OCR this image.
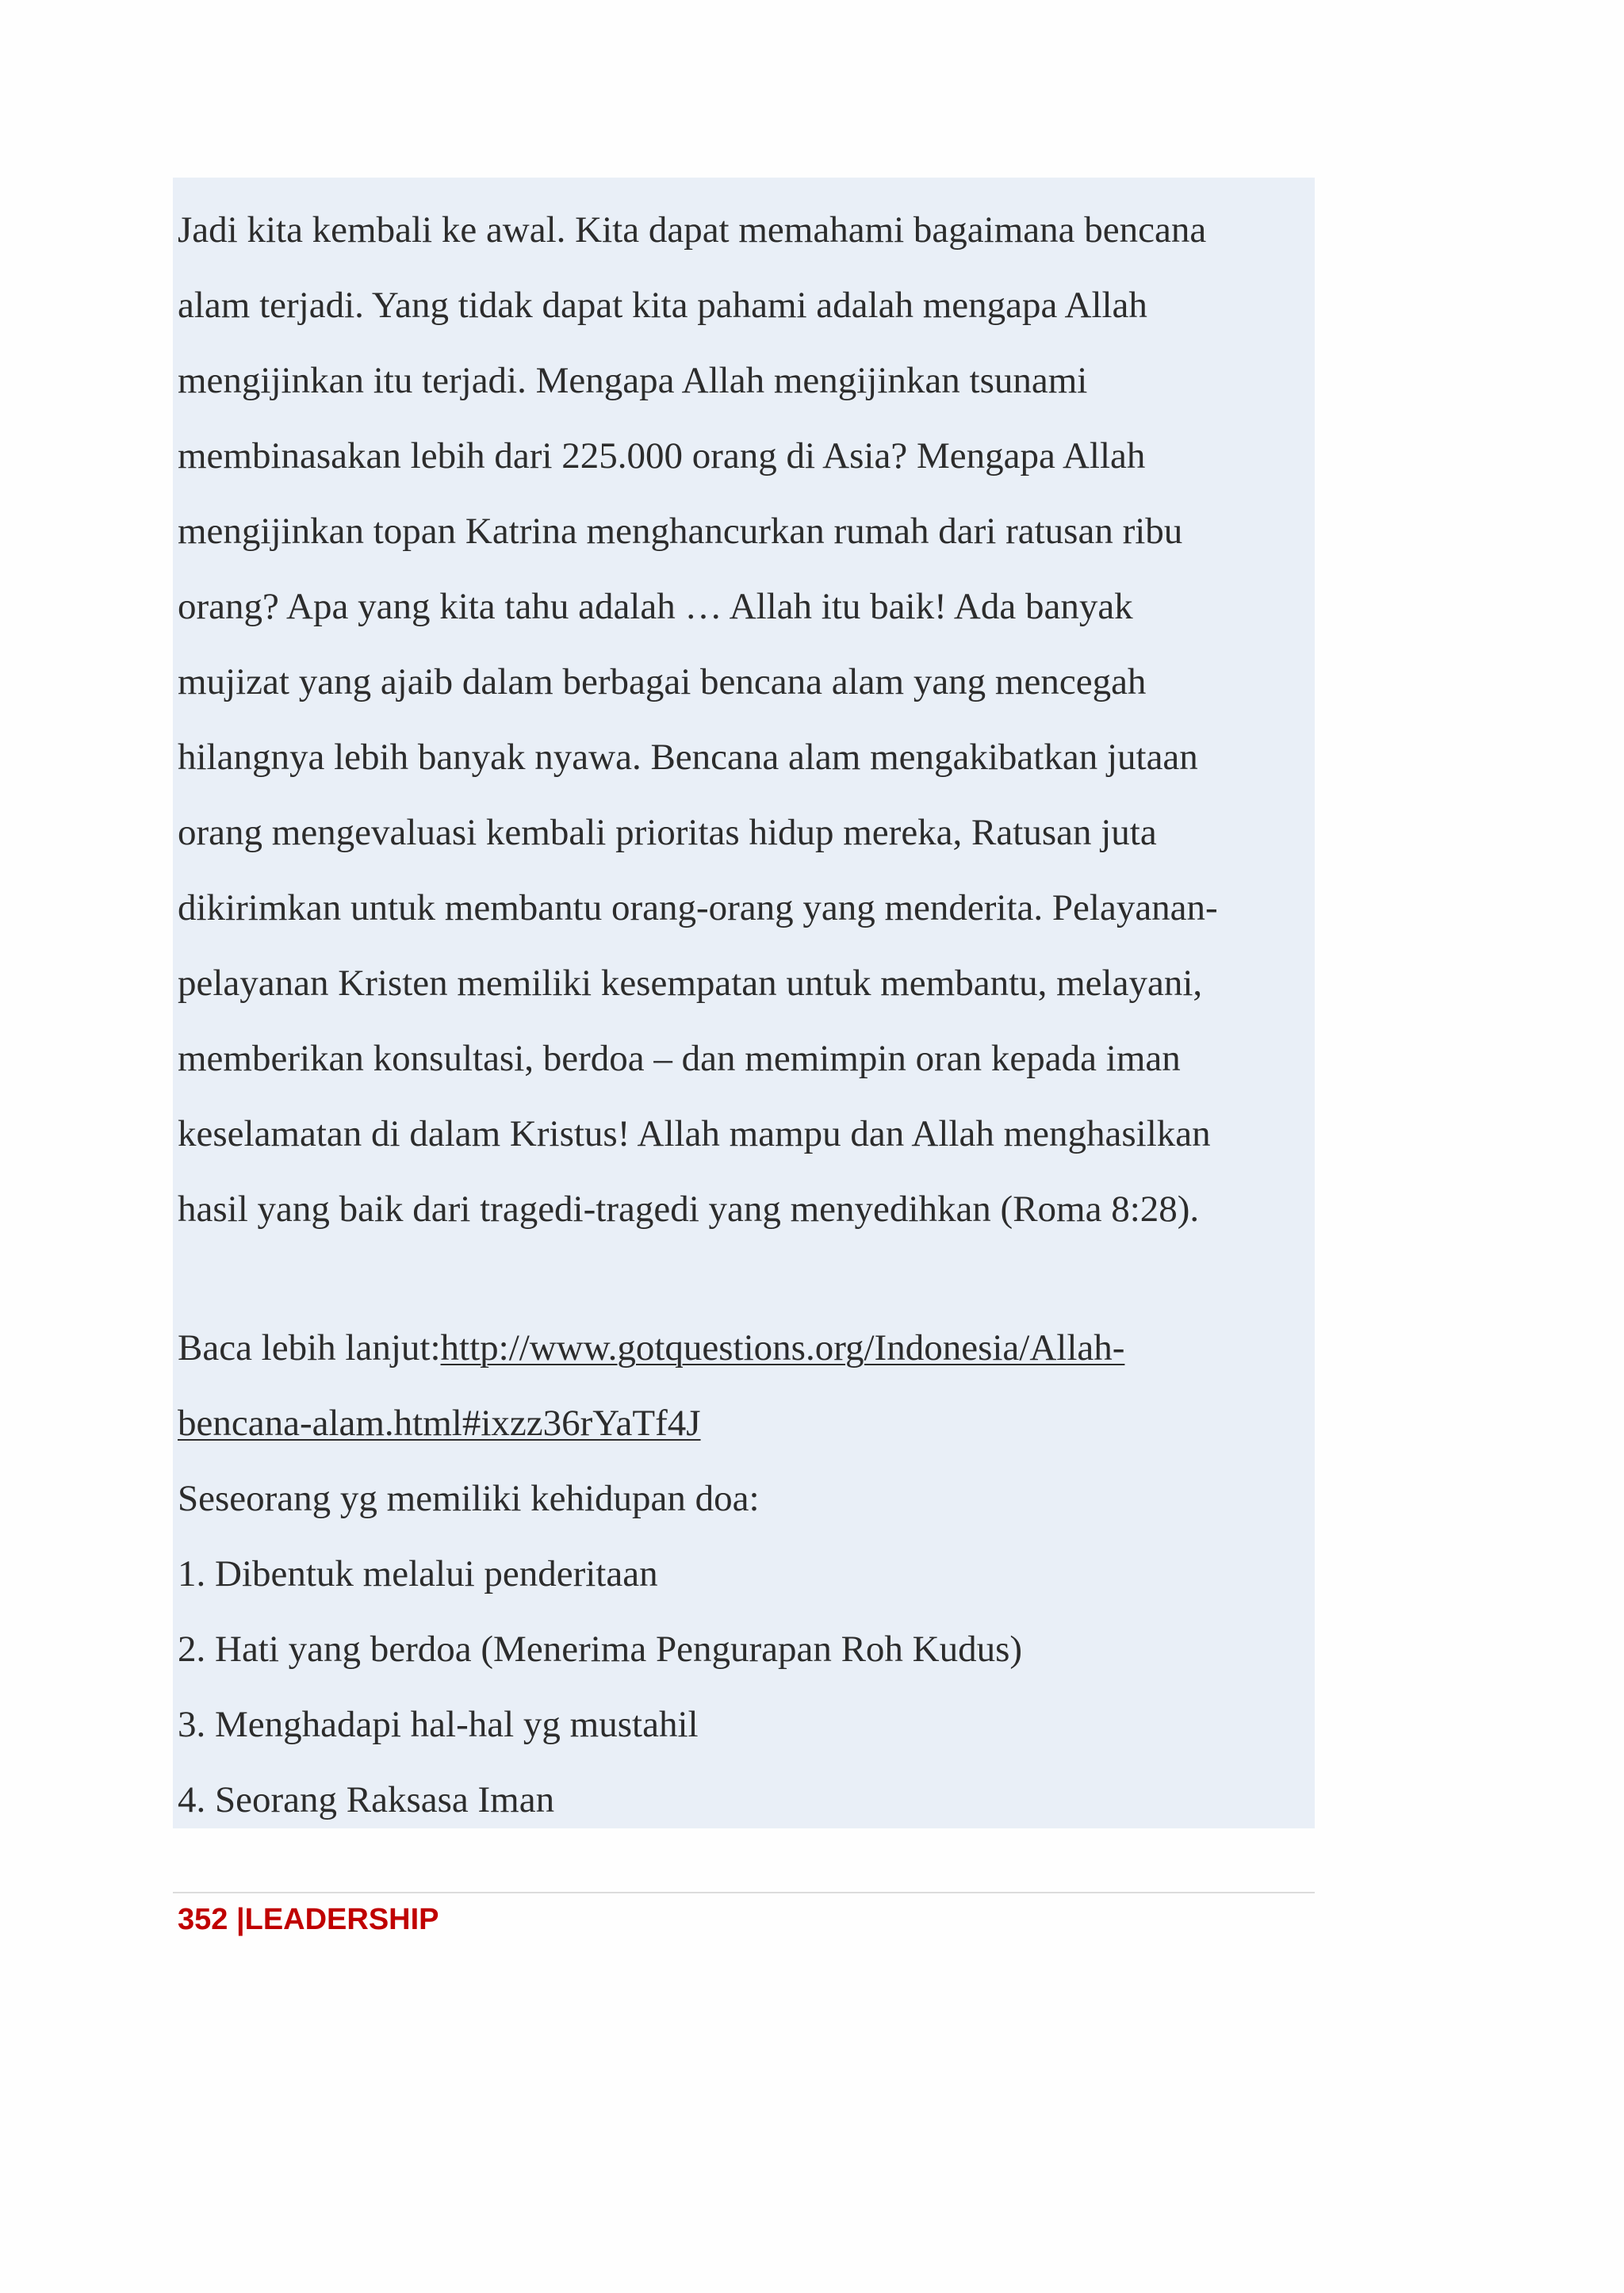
Jadi kita kembali ke awal. Kita dapat memahami bagaimana bencana
alam terjadi. Yang tidak dapat kita pahami adalah mengapa Allah
mengijinkan itu terjadi. Mengapa Allah mengijinkan tsunami
membinasakan lebih dari 225.000 orang di Asia? Mengapa Allah
mengijinkan topan Katrina menghancurkan rumah dari ratusan ribu
orang? Apa yang kita tahu adalah … Allah itu baik! Ada banyak
mujizat yang ajaib dalam berbagai bencana alam yang mencegah
hilangnya lebih banyak nyawa. Bencana alam mengakibatkan jutaan
orang mengevaluasi kembali prioritas hidup mereka, Ratusan juta
dikirimkan untuk membantu orang-orang yang menderita. Pelayanan-
pelayanan Kristen memiliki kesempatan untuk membantu, melayani,
memberikan konsultasi, berdoa – dan memimpin oran kepada iman
keselamatan di dalam Kristus! Allah mampu dan Allah menghasilkan
hasil yang baik dari tragedi-tragedi yang menyedihkan (Roma 8:28).
Baca lebih lanjut:http://www.gotquestions.org/Indonesia/Allah-
bencana-alam.html#ixzz36rYaTf4J
Seseorang yg memiliki kehidupan doa:
1. Dibentuk melalui penderitaan
2. Hati yang berdoa (Menerima Pengurapan Roh Kudus)
3. Menghadapi hal-hal yg mustahil
4. Seorang Raksasa Iman
352 |LEADERSHIP
